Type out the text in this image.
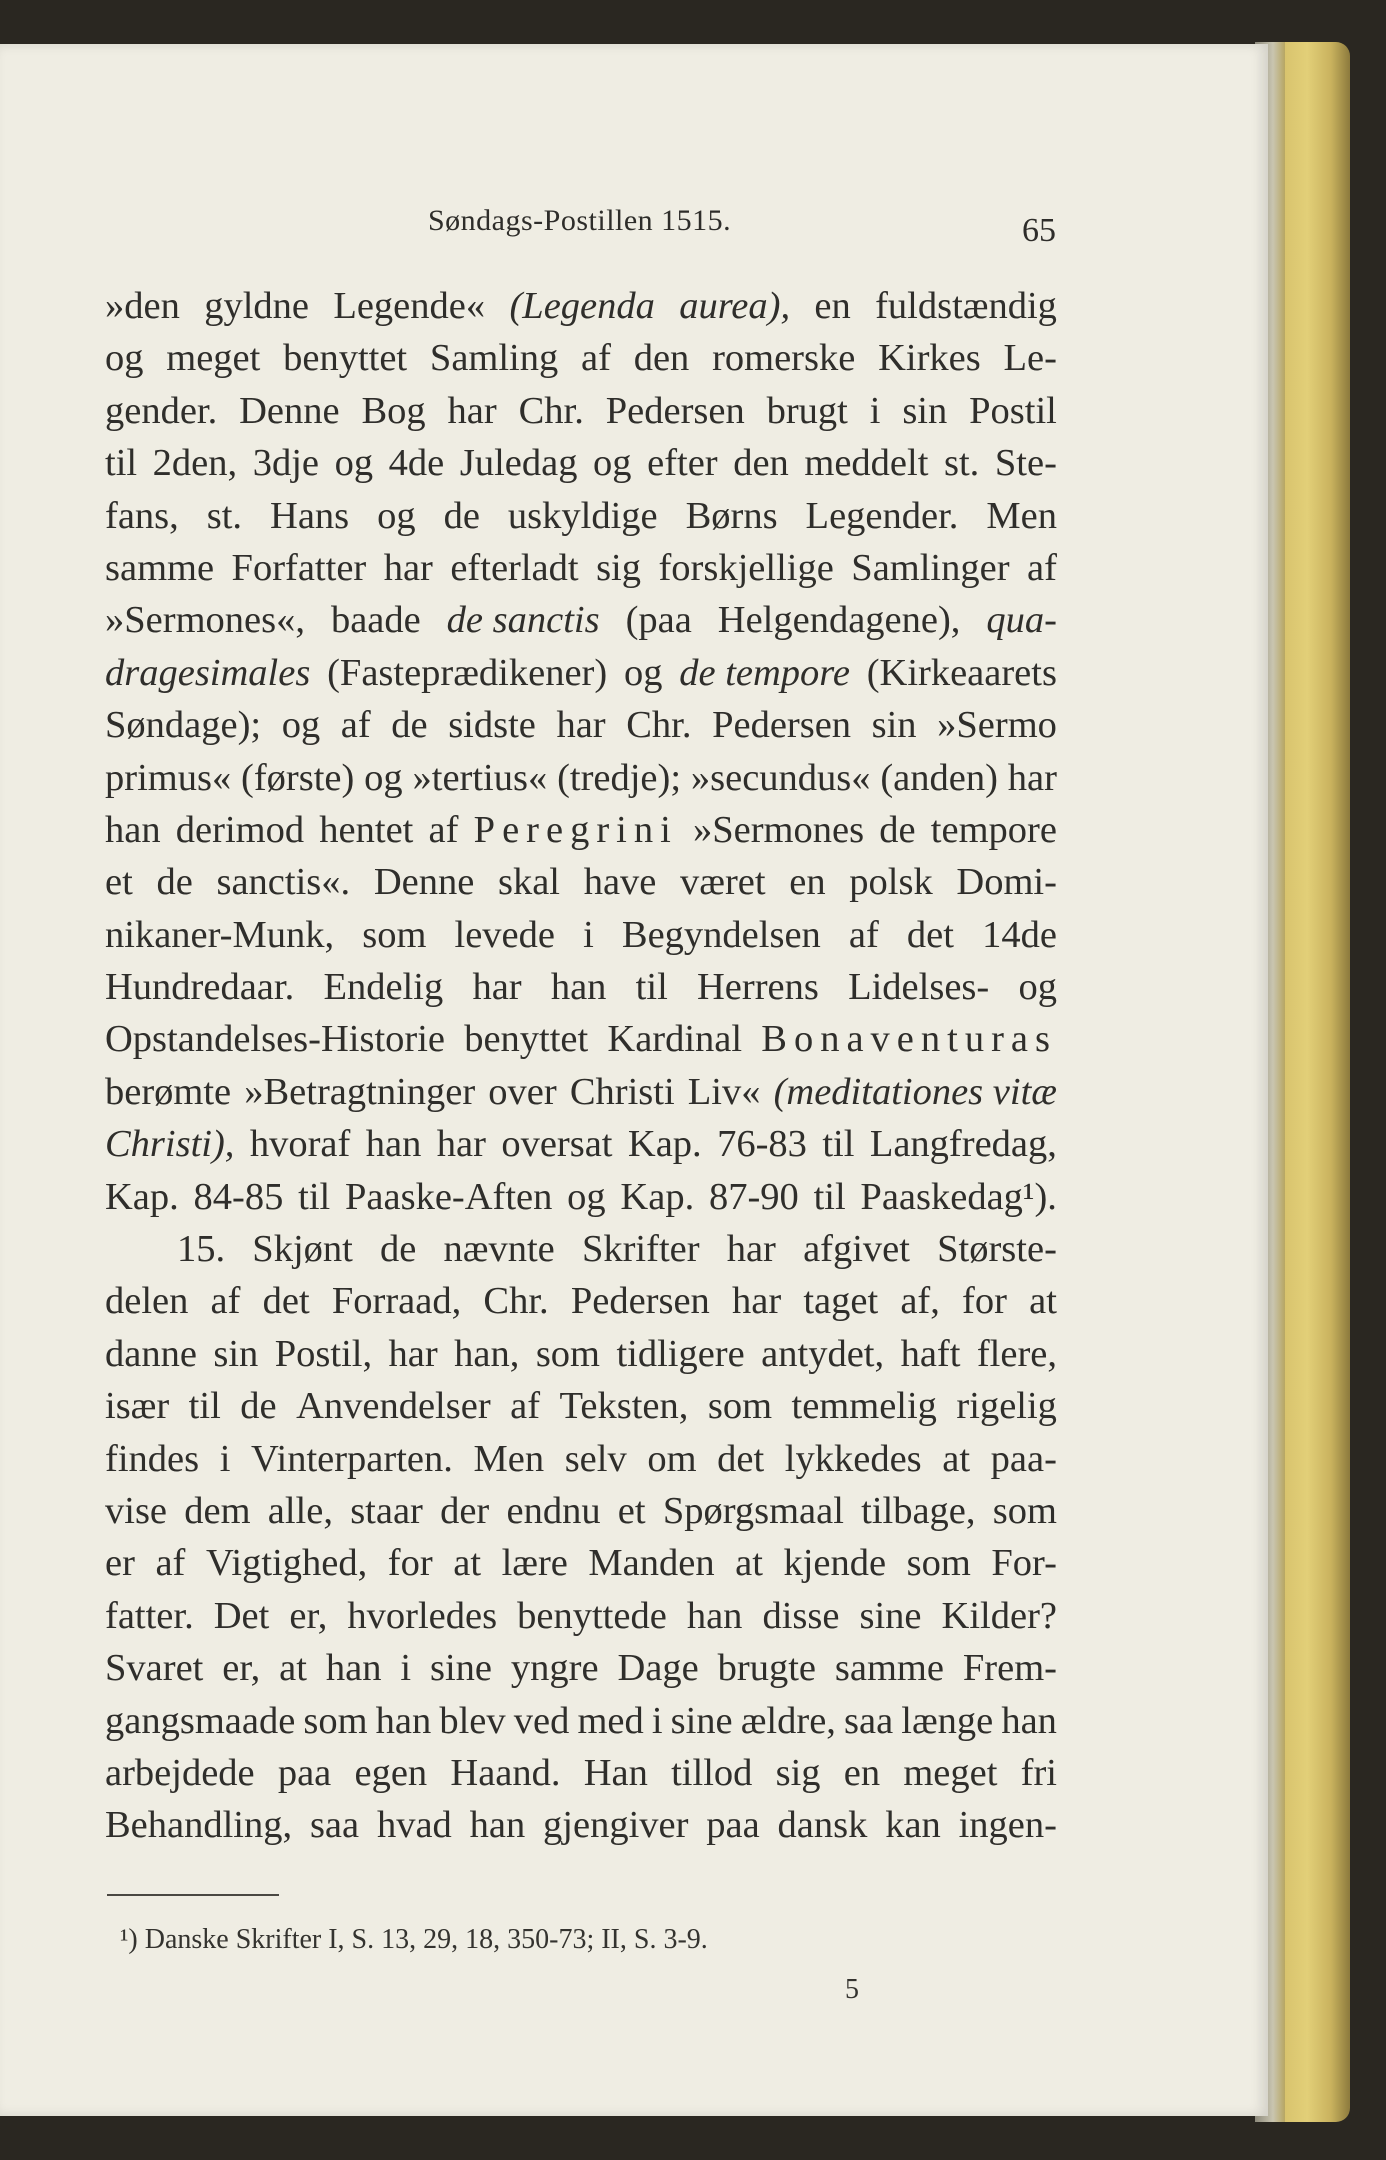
Søndags-Postillen 1515.	65
»den gyldne Legende« (Legenda aurea), en fuldstændig
og meget benyttet Samling af den romerske Kirkes Le-
gender. Denne Bog har Chr. Pedersen brugt i sin Postil
til 2den, 3dje og 4de Juledag og efter den meddelt st. Ste-
fans, st. Hans og de uskyldige Børns Legender. Men
samme Forfatter har efterladt sig forskjellige Samlinger af
»Sermones«, baade de sanctis (paa Helgendagene), qua-
dragesimales (Fasteprædikener) og de tempore (Kirkeaarets
Søndage); og af de sidste har Chr. Pedersen sin »Sermo
primus« (første) og »tertius« (tredje); »secundus« (anden) har
han derimod hentet af Peregrini »Sermones de tempore
et de sanctis«. Denne skal have været en polsk Domi-
nikaner-Munk, som levede i Begyndelsen af det 14de
Hundredaar. Endelig har han til Herrens Lidelses- og
Opstandelses-Historie benyttet Kardinal Bonaventuras
berømte »Betragtninger over Christi Liv« (meditationes vitæ
Christi), hvoraf han har oversat Kap. 76-83 til Langfredag,
Kap. 84-85 til Paaske-Aften og Kap. 87-90 til Paaskedag¹).
15. Skjønt de nævnte Skrifter har afgivet Største-
delen af det Forraad, Chr. Pedersen har taget af, for at
danne sin Postil, har han, som tidligere antydet, haft flere,
især til de Anvendelser af Teksten, som temmelig rigelig
findes i Vinterparten. Men selv om det lykkedes at paa-
vise dem alle, staar der endnu et Spørgsmaal tilbage, som
er af Vigtighed, for at lære Manden at kjende som For-
fatter. Det er, hvorledes benyttede han disse sine Kilder?
Svaret er, at han i sine yngre Dage brugte samme Frem-
gangsmaade som han blev ved med i sine ældre, saa længe han
arbejdede paa egen Haand. Han tillod sig en meget fri
Behandling, saa hvad han gjengiver paa dansk kan ingen-
¹) Danske Skrifter I, S. 13, 29, 18, 350-73; II, S. 3-9.
5
